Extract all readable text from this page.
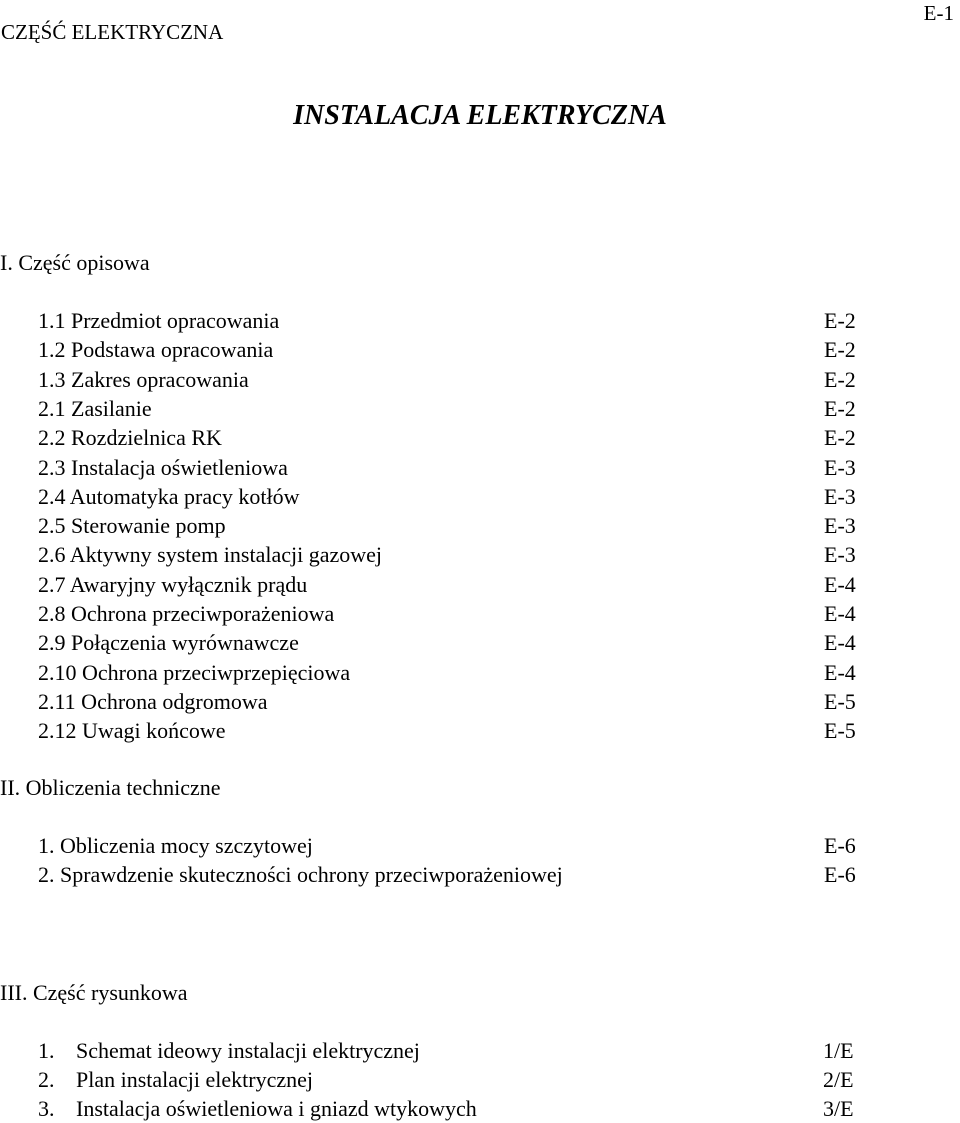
CZĘŚĆ ELEKTRYCZNA
E-1
INSTALACJA ELEKTRYCZNA
I. Część opisowa
1.1 Przedmiot opracowania	E-2
1.2 Podstawa opracowania	E-2
1.3 Zakres opracowania	E-2
2.1 Zasilanie	E-2
2.2 Rozdzielnica RK	E-2
2.3 Instalacja oświetleniowa	E-3
2.4 Automatyka pracy kotłów	E-3
2.5 Sterowanie pomp	E-3
2.6 Aktywny system instalacji gazowej	E-3
2.7 Awaryjny wyłącznik prądu	E-4
2.8 Ochrona przeciwporażeniowa	E-4
2.9 Połączenia wyrównawcze	E-4
2.10 Ochrona przeciwprzepięciowa	E-4
2.11 Ochrona odgromowa	E-5
2.12 Uwagi końcowe	E-5
II. Obliczenia techniczne
1. Obliczenia mocy szczytowej	E-6
2. Sprawdzenie skuteczności ochrony przeciwporażeniowej	E-6
III. Część rysunkowa
1. Schemat ideowy instalacji elektrycznej	1/E
2. Plan instalacji elektrycznej	2/E
3. Instalacja oświetleniowa i gniazd wtykowych	3/E
